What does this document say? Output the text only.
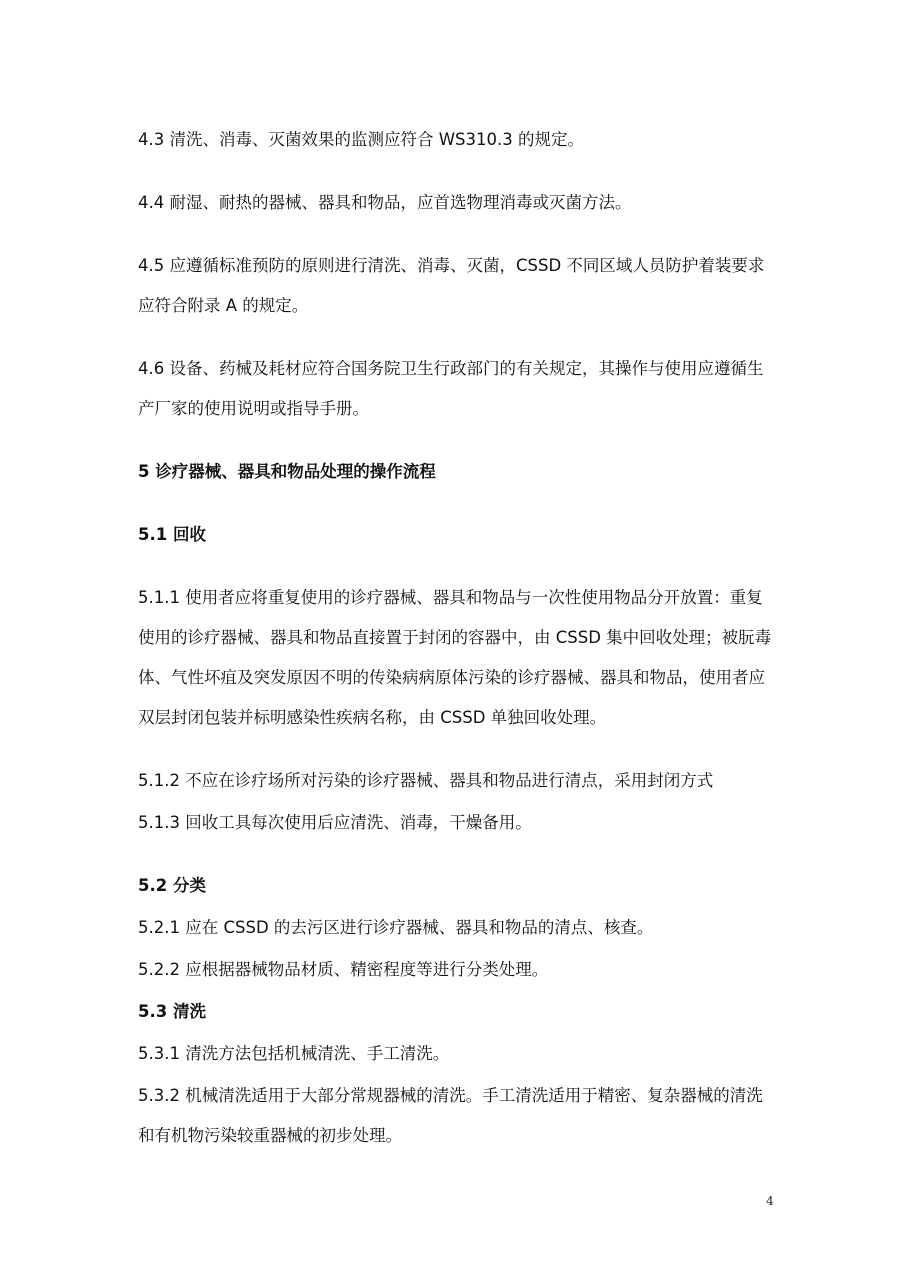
4.3 清洗、消毒、灭菌效果的监测应符合 WS310.3 的规定。

4.4 耐湿、耐热的器械、器具和物品，应首选物理消毒或灭菌方法。

4.5 应遵循标准预防的原则进行清洗、消毒、灭菌，CSSD 不同区域人员防护着装要求应符合附录 A 的规定。

4.6 设备、药械及耗材应符合国务院卫生行政部门的有关规定，其操作与使用应遵循生产厂家的使用说明或指导手册。

5 诊疗器械、器具和物品处理的操作流程

5.1 回收

5.1.1 使用者应将重复使用的诊疗器械、器具和物品与一次性使用物品分开放置：重复使用的诊疗器械、器具和物品直接置于封闭的容器中，由 CSSD 集中回收处理；被朊毒体、气性坏疽及突发原因不明的传染病病原体污染的诊疗器械、器具和物品，使用者应双层封闭包装并标明感染性疾病名称，由 CSSD 单独回收处理。

5.1.2 不应在诊疗场所对污染的诊疗器械、器具和物品进行清点，采用封闭方式

5.1.3 回收工具每次使用后应清洗、消毒，干燥备用。

5.2 分类

5.2.1 应在 CSSD 的去污区进行诊疗器械、器具和物品的清点、核查。

5.2.2 应根据器械物品材质、精密程度等进行分类处理。

5.3 清洗

5.3.1 清洗方法包括机械清洗、手工清洗。

5.3.2 机械清洗适用于大部分常规器械的清洗。手工清洗适用于精密、复杂器械的清洗和有机物污染较重器械的初步处理。

4
